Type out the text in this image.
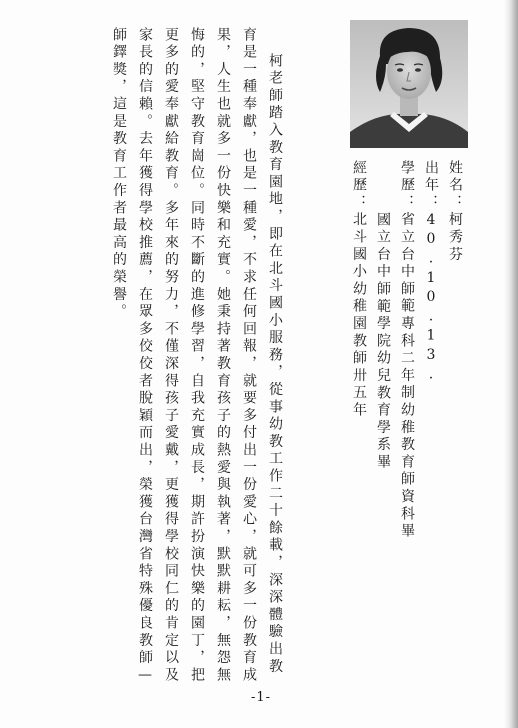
姓名：柯秀芬
出年：40.10.13.
學歷：省立台中師範專科二年制幼稚教育師資科畢
國立台中師範學院幼兒教育學系畢
經歷：北斗國小幼稚園教師卅五年
柯老師踏入教育園地，即在北斗國小服務，從事幼教工作二十餘載，深深體驗出教
育是一種奉獻，也是一種愛，不求任何回報，就要多付出一份愛心，就可多一份教育成
果，人生也就多一份快樂和充實。她秉持著教育孩子的熱愛與執著，默默耕耘，無怨無
悔的，堅守教育崗位。同時不斷的進修學習，自我充實成長，期許扮演快樂的園丁，把
更多的愛奉獻給教育。多年來的努力，不僅深得孩子愛戴，更獲得學校同仁的肯定以及
家長的信賴。去年獲得學校推薦，在眾多佼佼者脫穎而出，榮獲台灣省特殊優良教師—
師鐸獎，這是教育工作者最高的榮譽。
-1-
